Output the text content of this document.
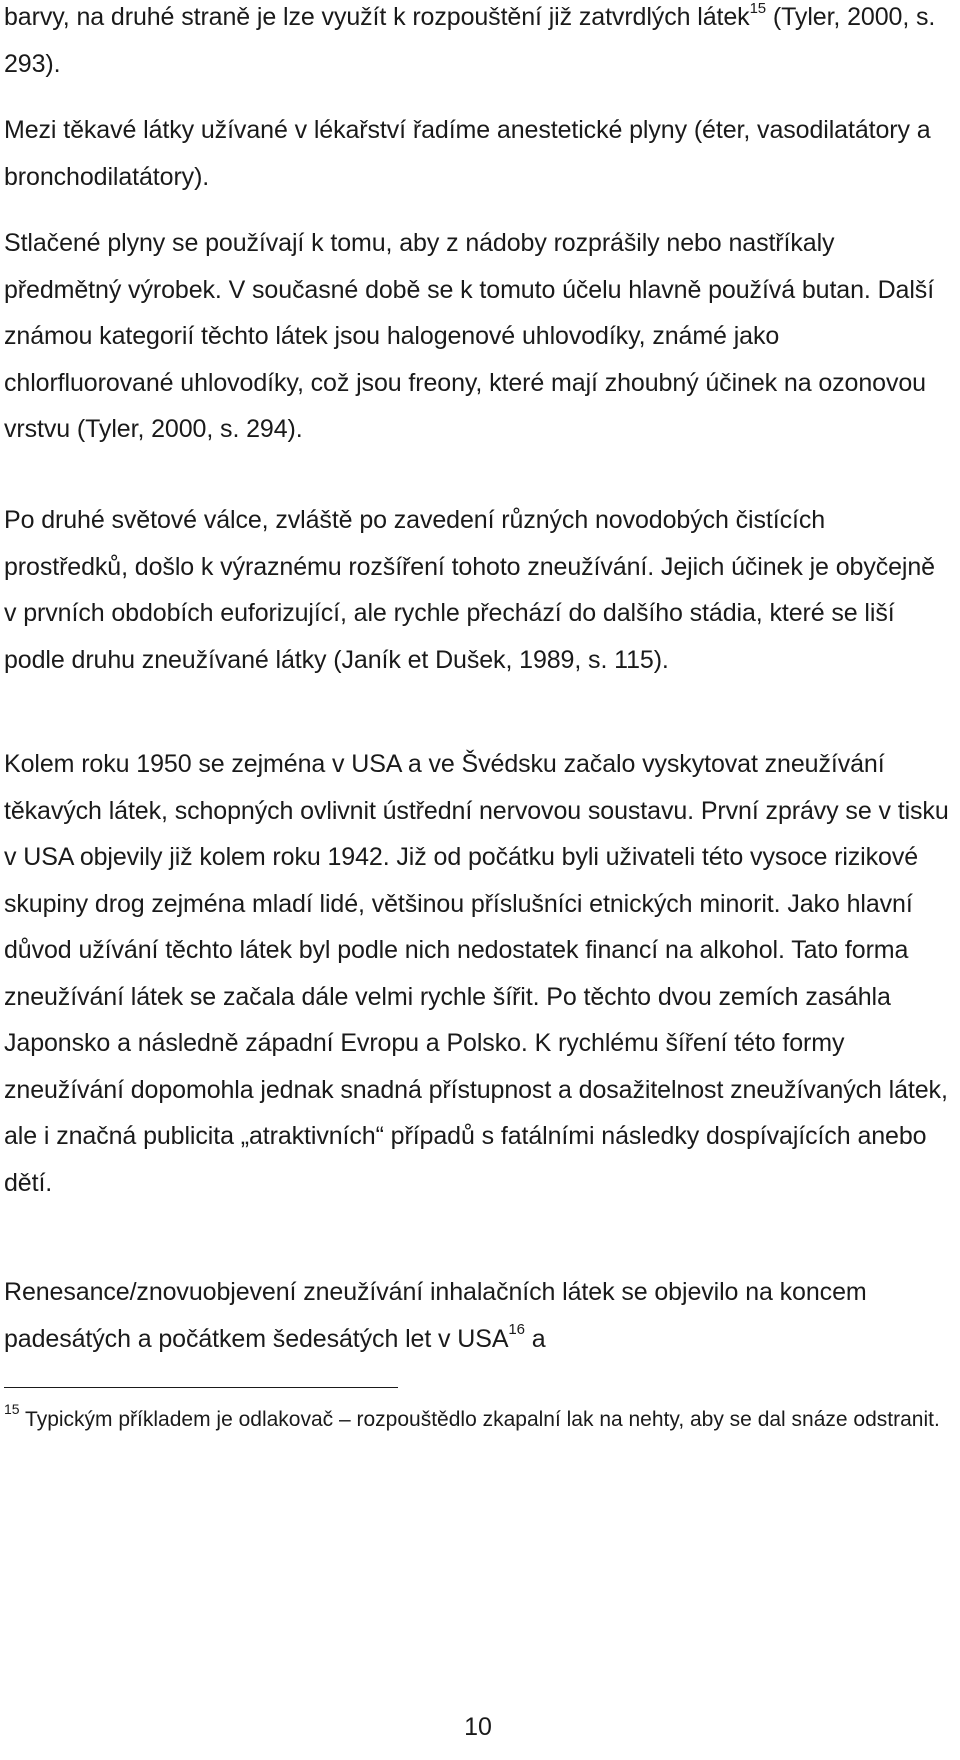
barvy, na druhé straně je lze využít k rozpouštění již zatvrdlých látek$^{15}$ (Tyler, 2000, s. 293).

Mezi těkavé látky užívané v lékařství řadíme anestetické plyny (éter, vasodilatátory a bronchodilatátory).

Stlačené plyny se používají k tomu, aby z nádoby rozprášily nebo nastříkaly předmětný výrobek. V současné době se k tomuto účelu hlavně používá butan. Další známou kategorií těchto látek jsou halogenové uhlovodíky, známé jako chlorfluorované uhlovodíky, což jsou freony, které mají zhoubný účinek na ozonovou vrstvu (Tyler, 2000, s. 294).

Po druhé světové válce, zvláště po zavedení různých novodobých čistících prostředků, došlo k výraznému rozšíření tohoto zneužívání. Jejich účinek je obyčejně v prvních obdobích euforizující, ale rychle přechází do dalšího stádia, které se liší podle druhu zneužívané látky (Janík et Dušek, 1989, s. 115).

Kolem roku 1950 se zejména v USA a ve Švédsku začalo vyskytovat zneužívání těkavých látek, schopných ovlivnit ústřední nervovou soustavu. První zprávy se v tisku v USA objevily již kolem roku 1942. Již od počátku byli uživateli této vysoce rizikové skupiny drog zejména mladí lidé, většinou příslušníci etnických minorit. Jako hlavní důvod užívání těchto látek byl podle nich nedostatek financí na alkohol. Tato forma zneužívání látek se začala dále velmi rychle šířit. Po těchto dvou zemích zasáhla Japonsko a následně západní Evropu a Polsko. K rychlému šíření této formy zneužívání dopomohla jednak snadná přístupnost a dosažitelnost zneužívaných látek, ale i značná publicita „atraktivních“ případů s fatálními následky dospívajících anebo dětí.

Renesance/znovuobjevení zneužívání inhalačních látek se objevilo na koncem padesátých a počátkem šedesátých let v USA$^{16}$ a

$^{15}$ Typickým příkladem je odlakovač – rozpouštědlo zkapalní lak na nehty, aby se dal snáze odstranit.

10
